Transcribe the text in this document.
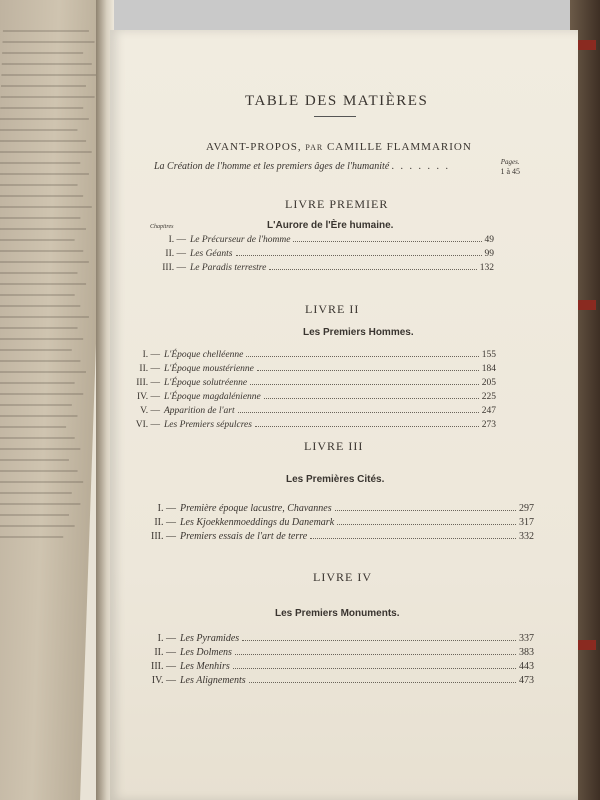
TABLE DES MATIÈRES
AVANT-PROPOS, PAR CAMILLE FLAMMARION
La Création de l'homme et les premiers âges de l'humanité . . . . . . .	Pages.
1 à 45
Chapitres
LIVRE PREMIER
L'Aurore de l'Ère humaine.
I. — Le Précurseur de l'homme	49
II. — Les Géants	99
III. — Le Paradis terrestre	132
LIVRE II
Les Premiers Hommes.
I. — L'Époque chelléenne	155
II. — L'Époque moustérienne	184
III. — L'Époque solutréenne	205
IV. — L'Époque magdalénienne	225
V. — Apparition de l'art	247
VI. — Les Premiers sépulcres	273
LIVRE III
Les Premières Cités.
I. — Première époque lacustre, Chavannes	297
II. — Les Kjoekkenmoeddings du Danemark	317
III. — Premiers essais de l'art de terre	332
LIVRE IV
Les Premiers Monuments.
I. — Les Pyramides	337
II. — Les Dolmens	383
III. — Les Menhirs	443
IV. — Les Alignements	473
